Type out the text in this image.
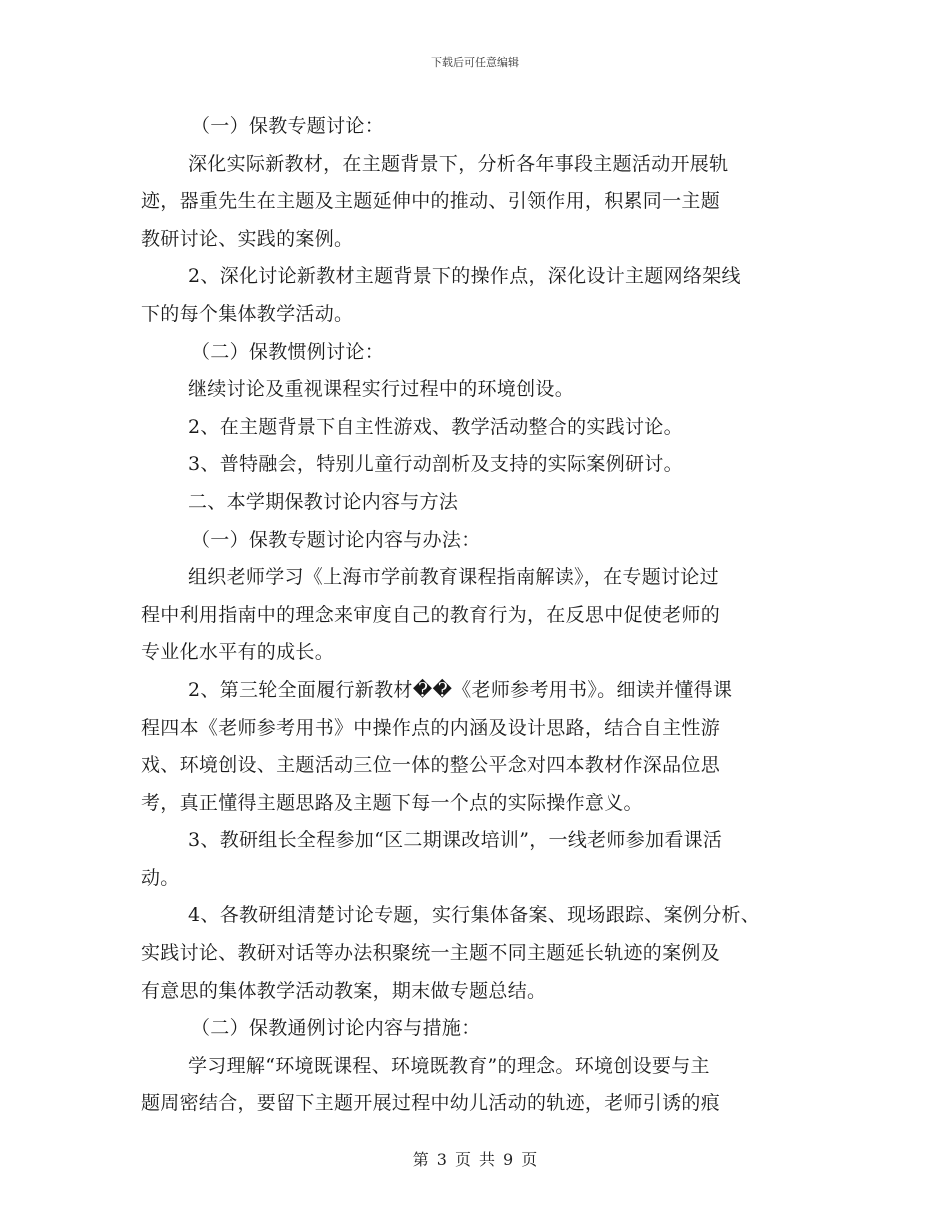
下载后可任意编辑
（一）保教专题讨论：
深化实际新教材，在主题背景下，分析各年事段主题活动开展轨
迹，器重先生在主题及主题延伸中的推动、引领作用，积累同一主题
教研讨论、实践的案例。
2、深化讨论新教材主题背景下的操作点，深化设计主题网络架线
下的每个集体教学活动。
（二）保教惯例讨论：
继续讨论及重视课程实行过程中的环境创设。
2、在主题背景下自主性游戏、教学活动整合的实践讨论。
3、普特融会，特别儿童行动剖析及支持的实际案例研讨。
二、本学期保教讨论内容与方法
（一）保教专题讨论内容与办法：
组织老师学习《上海市学前教育课程指南解读》，在专题讨论过
程中利用指南中的理念来审度自己的教育行为，在反思中促使老师的
专业化水平有的成长。
2、第三轮全面履行新教材��《老师参考用书》。细读并懂得课
程四本《老师参考用书》中操作点的内涵及设计思路，结合自主性游
戏、环境创设、主题活动三位一体的整公平念对四本教材作深品位思
考，真正懂得主题思路及主题下每一个点的实际操作意义。
3、教研组长全程参加“区二期课改培训”，一线老师参加看课活
动。
4、各教研组清楚讨论专题，实行集体备案、现场跟踪、案例分析、
实践讨论、教研对话等办法积聚统一主题不同主题延长轨迹的案例及
有意思的集体教学活动教案，期末做专题总结。
（二）保教通例讨论内容与措施：
学习理解“环境既课程、环境既教育”的理念。环境创设要与主
题周密结合，要留下主题开展过程中幼儿活动的轨迹，老师引诱的痕
第 3 页 共 9 页
